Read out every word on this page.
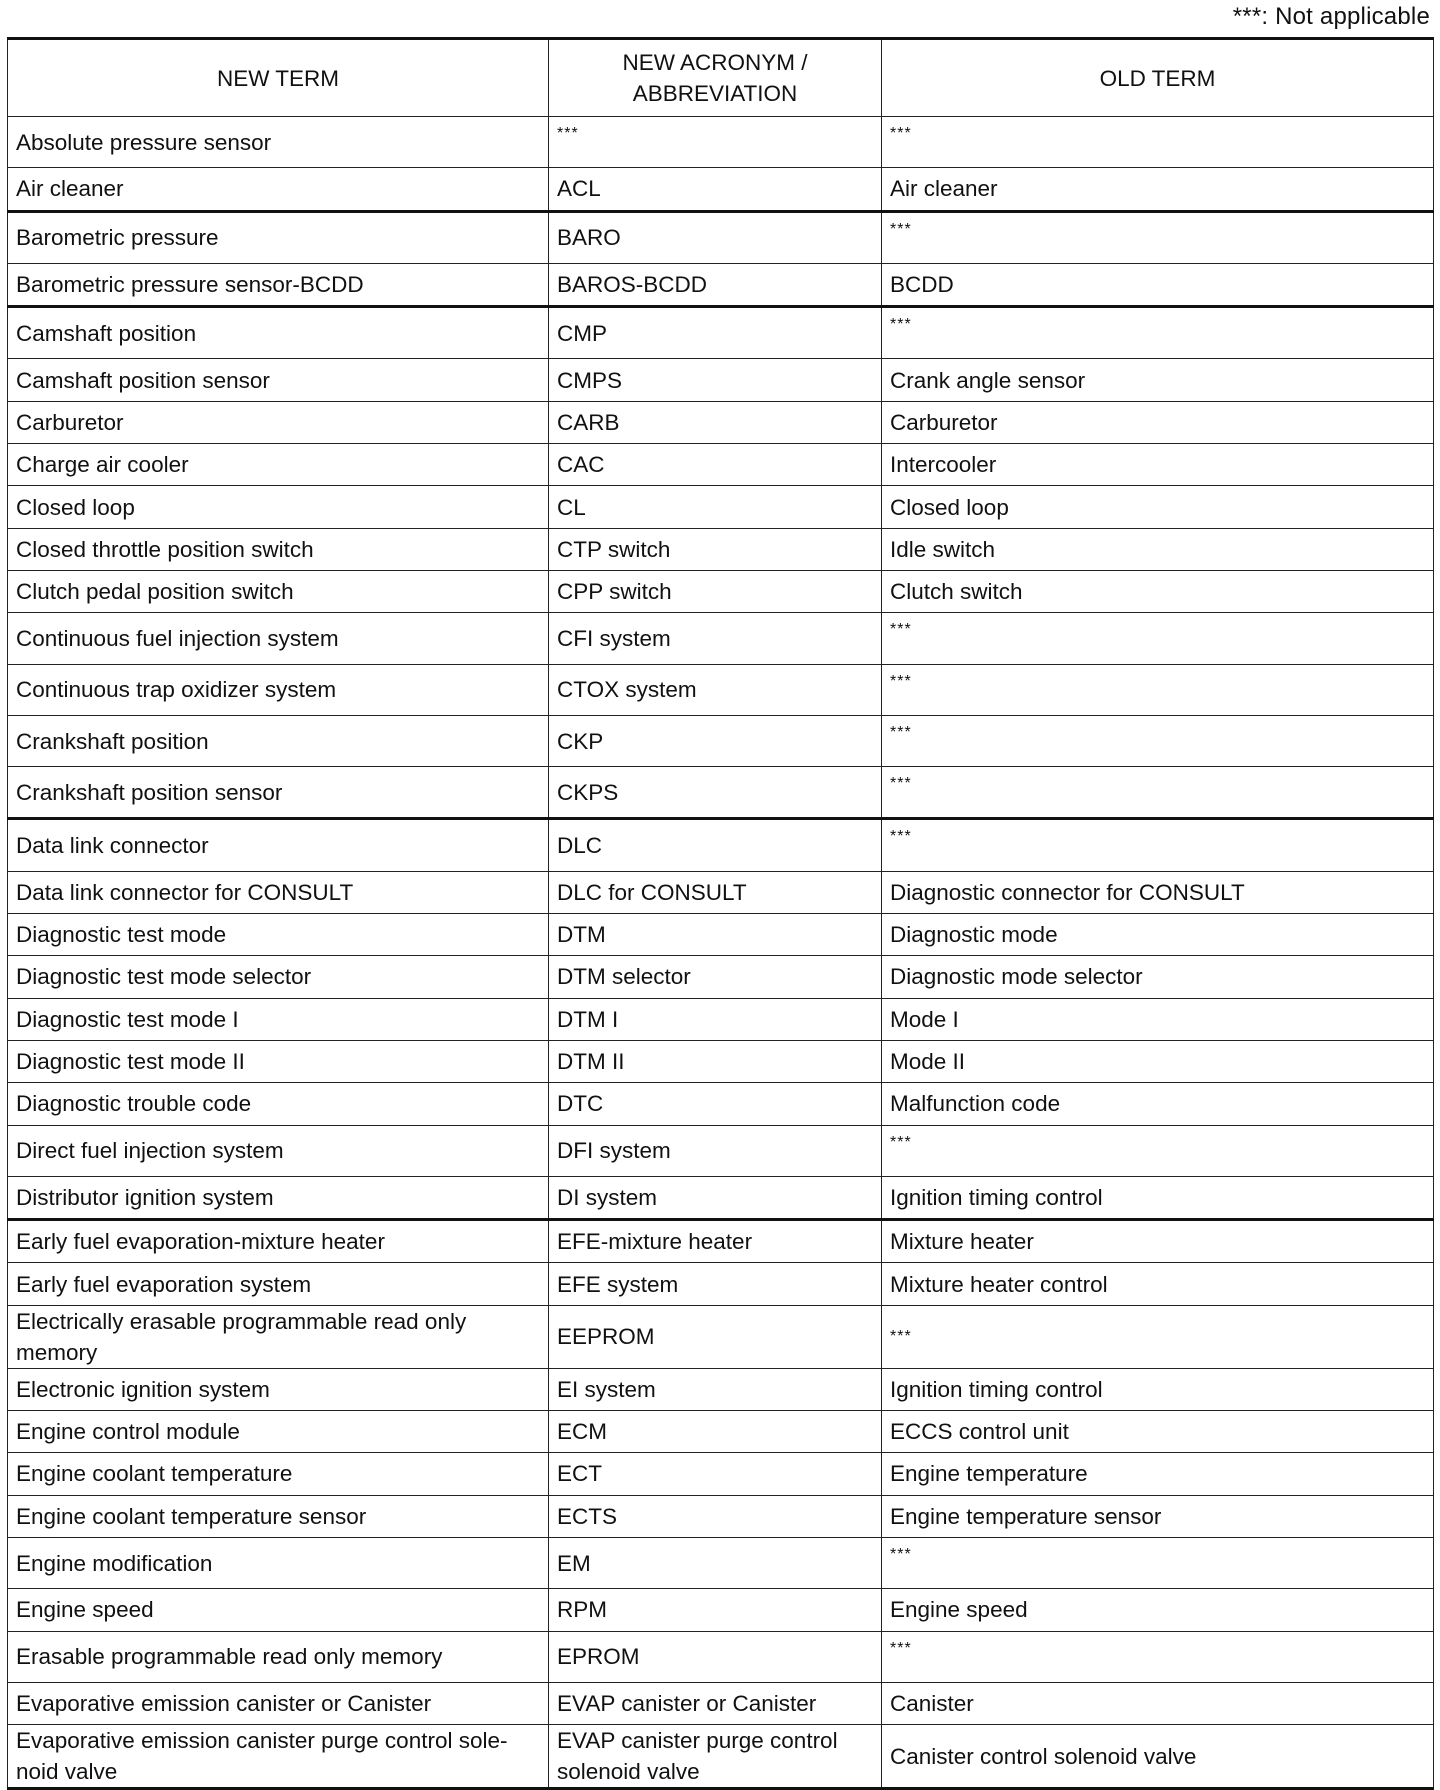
***: Not applicable
NEW TERM	NEW ACRONYM / ABBREVIATION	OLD TERM
Absolute pressure sensor	***	***
Air cleaner	ACL	Air cleaner
Barometric pressure	BARO	***
Barometric pressure sensor-BCDD	BAROS-BCDD	BCDD
Camshaft position	CMP	***
Camshaft position sensor	CMPS	Crank angle sensor
Carburetor	CARB	Carburetor
Charge air cooler	CAC	Intercooler
Closed loop	CL	Closed loop
Closed throttle position switch	CTP switch	Idle switch
Clutch pedal position switch	CPP switch	Clutch switch
Continuous fuel injection system	CFI system	***
Continuous trap oxidizer system	CTOX system	***
Crankshaft position	CKP	***
Crankshaft position sensor	CKPS	***
Data link connector	DLC	***
Data link connector for CONSULT	DLC for CONSULT	Diagnostic connector for CONSULT
Diagnostic test mode	DTM	Diagnostic mode
Diagnostic test mode selector	DTM selector	Diagnostic mode selector
Diagnostic test mode I	DTM I	Mode I
Diagnostic test mode II	DTM II	Mode II
Diagnostic trouble code	DTC	Malfunction code
Direct fuel injection system	DFI system	***
Distributor ignition system	DI system	Ignition timing control
Early fuel evaporation-mixture heater	EFE-mixture heater	Mixture heater
Early fuel evaporation system	EFE system	Mixture heater control
Electrically erasable programmable read only memory	EEPROM	***
Electronic ignition system	EI system	Ignition timing control
Engine control module	ECM	ECCS control unit
Engine coolant temperature	ECT	Engine temperature
Engine coolant temperature sensor	ECTS	Engine temperature sensor
Engine modification	EM	***
Engine speed	RPM	Engine speed
Erasable programmable read only memory	EPROM	***
Evaporative emission canister or Canister	EVAP canister or Canister	Canister
Evaporative emission canister purge control sole-noid valve	EVAP canister purge control solenoid valve	Canister control solenoid valve
